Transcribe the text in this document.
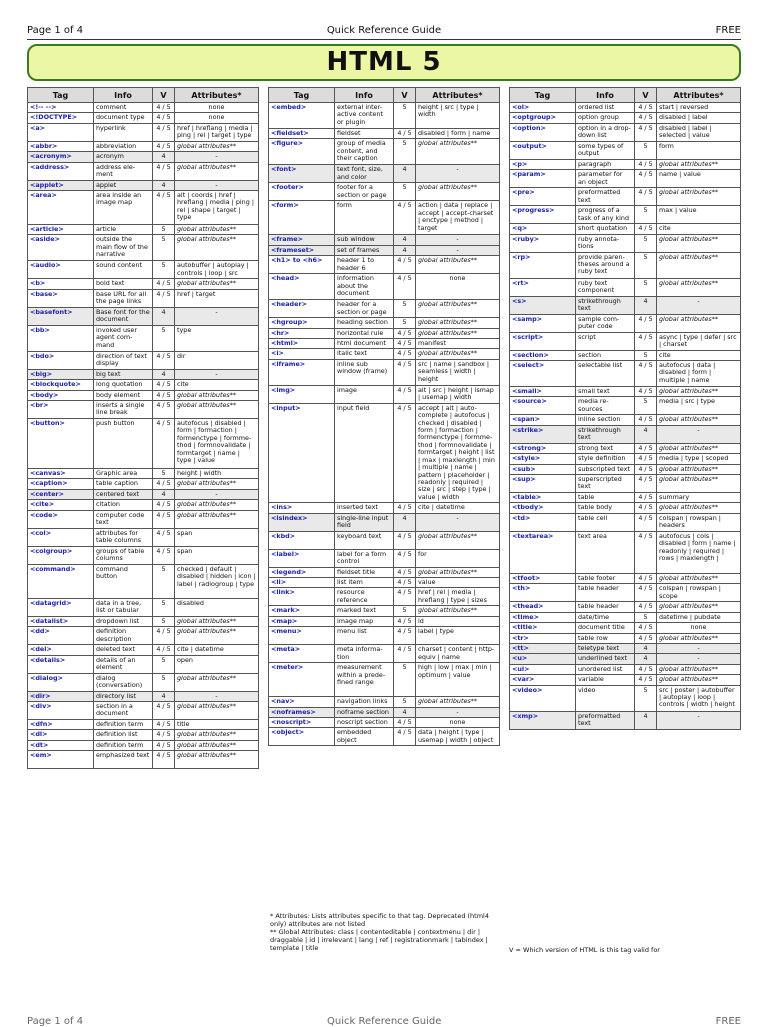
Page 1 of 4	Quick Reference Guide	FREE
HTML 5
Tag	Info	V	Attributes*
<!-- -->	comment	4 / 5	none
<!DOCTYPE>	document type	4 / 5	none
<a>	hyperlink	4 / 5	href | hreflang | media | ping | rel | target | type
<abbr>	abbreviation	4 / 5	global attributes**
<acronym>	acronym	4	-
<address>	address ele-ment	4 / 5	global attributes**
<applet>	applet	4	-
<area>	area inside an image map	4 / 5	alt | coords | href | hreflang | media | ping | rel | shape | target | type
<article>	article	5	global attributes**
<aside>	outside the main flow of the narrative	5	global attributes**
<audio>	sound content	5	autobuffer | autoplay | controls | loop | src
<b>	bold text	4 / 5	global attributes**
<base>	base URL for all the page links	4 / 5	href | target
<basefont>	Base font for the document	4	-
<bb>	invoked user agent com-mand	5	type
<bdo>	direction of text display	4 / 5	dir
<big>	big text	4	-
<blockquote>	long quotation	4 / 5	cite
<body>	body element	4 / 5	global attributes**
<br>	inserts a single line break	4 / 5	global attributes**
<button>	push button	4 / 5	autofocus | disabled | form | formaction | formenctype | formme-thod | formnovalidate | formtarget | name | type | value
<canvas>	Graphic area	5	height | width
<caption>	table caption	4 / 5	global attributes**
<center>	centered text	4	-
<cite>	citation	4 / 5	global attributes**
<code>	computer code text	4 / 5	global attributes**
<col>	attributes for table columns	4 / 5	span
<colgroup>	groups of table columns	4 / 5	span
<command>	command button	5	checked | default | disabled | hidden | icon | label | radiogroup | type
<datagrid>	data in a tree, list or tabular	5	disabled
<datalist>	dropdown list	5	global attributes**
<dd>	definition description	4 / 5	global attributes**
<del>	deleted text	4 / 5	cite | datetime
<details>	details of an element	5	open
<dialog>	dialog (conversation)	5	global attributes**
<dir>	directory list	4	-
<div>	section in a document	4 / 5	global attributes**
<dfn>	definition term	4 / 5	title
<dl>	definition list	4 / 5	global attributes**
<dt>	definition term	4 / 5	global attributes**
<em>	emphasized text	4 / 5	global attributes**
Tag	Info	V	Attributes*
<embed>	external inter-active content or plugin	5	height | src | type | width
<fieldset>	fieldset	4 / 5	disabled | form | name
<figure>	group of media content, and their caption	5	global attributes**
<font>	text font, size, and color	4	-
<footer>	footer for a section or page	5	global attributes**
<form>	form	4 / 5	action | data | replace | accept | accept-charset | enctype | method | target
<frame>	sub window	4	-
<frameset>	set of frames	4	-
<h1> to <h6>	header 1 to header 6	4 / 5	global attributes**
<head>	information about the document	4 / 5	none
<header>	header for a section or page	5	global attributes**
<hgroup>	heading section	5	global attributes**
<hr>	horizontal rule	4 / 5	global attributes**
<html>	html document	4 / 5	manifest
<i>	italic text	4 / 5	global attributes**
<iframe>	inline sub window (frame)	4 / 5	src | name | sandbox | seamless | width | height
<img>	image	4 / 5	alt | src | height | ismap | usemap | width
<input>	input field	4 / 5	accept | alt | auto-complete | autofocus | checked | disabled | form | formaction | formenctype | formme-thod | formnovalidate | formtarget | height | list | max | maxlength | min | multiple | name | pattern | placeholder | readonly | required | size | src | step | type | value | width
<ins>	inserted text	4 / 5	cite | datetime
<isindex>	single-line input field	4	-
<kbd>	keyboard text	4 / 5	global attributes**
<label>	label for a form control	4 / 5	for
<legend>	fieldset title	4 / 5	global attributes**
<li>	list item	4 / 5	value
<link>	resource reference	4 / 5	href | rel | media | hreflang | type | sizes
<mark>	marked text	5	global attributes**
<map>	image map	4 / 5	id
<menu>	menu list	4 / 5	label | type
<meta>	meta informa-tion	4 / 5	charset | content | http-equiv | name
<meter>	measurement within a prede-fined range	5	high | low | max | min | optimum | value
<nav>	navigation links	5	global attributes**
<noframes>	noframe section	4	-
<noscript>	noscript section	4 / 5	none
<object>	embedded object	4 / 5	data | height | type | usemap | width | object
Tag	Info	V	Attributes*
<ol>	ordered list	4 / 5	start | reversed
<optgroup>	option group	4 / 5	disabled | label
<option>	option in a drop-down list	4 / 5	disabled | label | selected | value
<output>	some types of output	5	form
<p>	paragraph	4 / 5	global attributes**
<param>	parameter for an object	4 / 5	name | value
<pre>	preformatted text	4 / 5	global attributes**
<progress>	progress of a task of any kind	5	max | value
<q>	short quotation	4 / 5	cite
<ruby>	ruby annota-tions	5	global attributes**
<rp>	provide paren-theses around a ruby text	5	global attributes**
<rt>	ruby text component	5	global attributes**
<s>	strikethrough text	4	-
<samp>	sample com-puter code	4 / 5	global attributes**
<script>	script	4 / 5	async | type | defer | src | charset
<section>	section	5	cite
<select>	selectable list	4 / 5	autofocus | data | disabled | form | multiple | name
<small>	small text	4 / 5	global attributes**
<source>	media re-sources	5	media | src | type
<span>	inline section	4 / 5	global attributes**
<strike>	strikethrough text	4	-
<strong>	strong text	4 / 5	global attributes**
<style>	style definition	4 / 5	media | type | scoped
<sub>	subscripted text	4 / 5	global attributes**
<sup>	superscripted text	4 / 5	global attributes**
<table>	table	4 / 5	summary
<tbody>	table body	4 / 5	global attributes**
<td>	table cell	4 / 5	colspan | rowspan | headers
<textarea>	text area	4 / 5	autofocus | cols | disabled | form | name | readonly | required | rows | maxlength |
<tfoot>	table footer	4 / 5	global attributes**
<th>	table header	4 / 5	colspan | rowspan | scope
<thead>	table header	4 / 5	global attributes**
<time>	date/time	5	datetime | pubdate
<title>	document title	4 / 5	none
<tr>	table row	4 / 5	global attributes**
<tt>	teletype text	4	-
<u>	underlined text	4	-
<ul>	unordered list	4 / 5	global attributes**
<var>	variable	4 / 5	global attributes**
<video>	video	5	src | poster | autobuffer | autoplay | loop | controls | width | height
<xmp>	preformatted text	4	-
* Attributes: Lists attributes specific to that tag. Deprecated (html4 only) attributes are not listed
** Global Attributes: class | contenteditable | contextmenu | dir | draggable | id | irrelevant | lang | ref | registrationmark | tabindex | template | title	V = Which version of HTML is this tag valid for
Page 1 of 4	Quick Reference Guide	FREE
